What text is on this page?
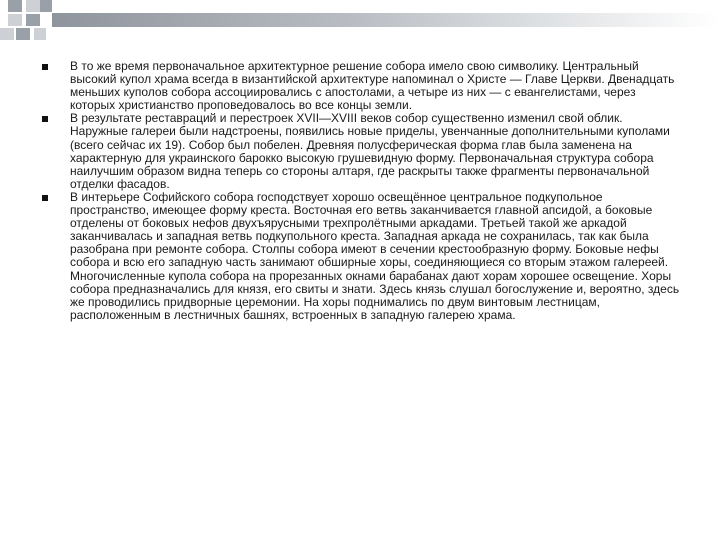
В то же время первоначальное архитектурное решение собора имело свою символику. Центральный высокий купол храма всегда в византийской архитектуре напоминал о Христе — Главе Церкви. Двенадцать меньших куполов собора ассоциировались с апостолами, а четыре из них — с евангелистами, через которых христианство проповедовалось во все концы земли.
В результате реставраций и перестроек XVII—XVIII веков собор существенно изменил свой облик. Наружные галереи были надстроены, появились новые приделы, увенчанные дополнительными куполами (всего сейчас их 19). Собор был побелен. Древняя полусферическая форма глав была заменена на характерную для украинского барокко высокую грушевидную форму. Первоначальная структура собора наилучшим образом видна теперь со стороны алтаря, где раскрыты также фрагменты первоначальной отделки фасадов.
В интерьере Софийского собора господствует хорошо освещённое центральное подкупольное пространство, имеющее форму креста. Восточная его ветвь заканчивается главной апсидой, а боковые отделены от боковых нефов двухъярусными трехпролётными аркадами. Третьей такой же аркадой заканчивалась и западная ветвь подкупольного креста. Западная аркада не сохранилась, так как была разобрана при ремонте собора. Столпы собора имеют в сечении крестообразную форму. Боковые нефы собора и всю его западную часть занимают обширные хоры, соединяющиеся со вторым этажом галереей. Многочисленные купола собора на прорезанных окнами барабанах дают хорам хорошее освещение. Хоры собора предназначались для князя, его свиты и знати. Здесь князь слушал богослужение и, вероятно, здесь же проводились придворные церемонии. На хоры поднимались по двум винтовым лестницам, расположенным в лестничных башнях, встроенных в западную галерею храма.
